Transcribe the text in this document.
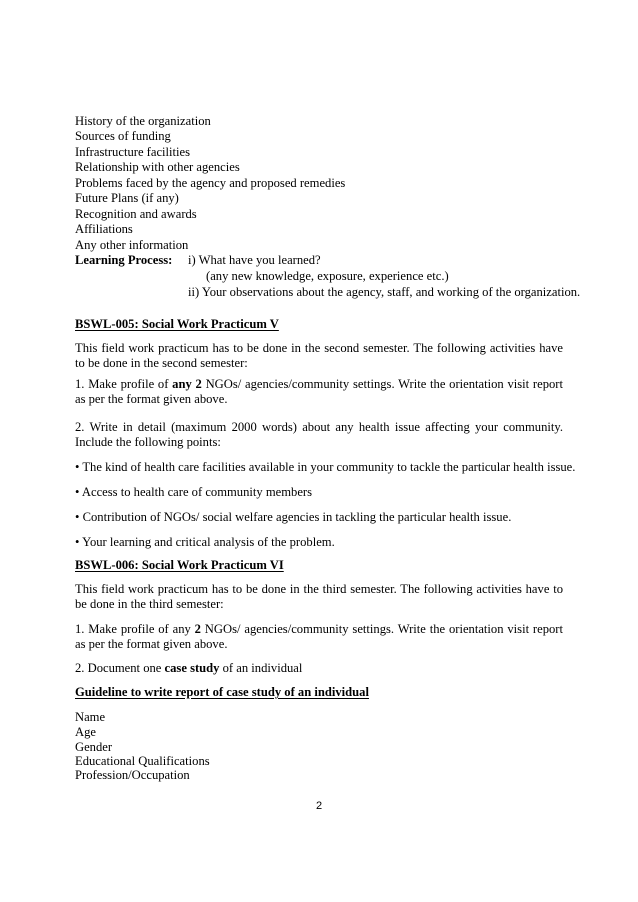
History of the organization
Sources of funding
Infrastructure facilities
Relationship with other agencies
Problems faced by the agency and proposed remedies
Future Plans (if any)
Recognition and awards
Affiliations
Any other information
Learning Process: i) What have you learned?
(any new knowledge, exposure, experience etc.)
ii) Your observations about the agency, staff, and working of the organization.
BSWL-005: Social Work Practicum V
This field work practicum has to be done in the second semester. The following activities have to be done in the second semester:
1. Make profile of any 2 NGOs/ agencies/community settings. Write the orientation visit report as per the format given above.
2. Write in detail (maximum 2000 words) about any health issue affecting your community. Include the following points:
• The kind of health care facilities available in your community to tackle the particular health issue.
• Access to health care of community members
• Contribution of NGOs/ social welfare agencies in tackling the particular health issue.
• Your learning and critical analysis of the problem.
BSWL-006: Social Work Practicum VI
This field work practicum has to be done in the third semester. The following activities have to be done in the third semester:
1. Make profile of any 2 NGOs/ agencies/community settings. Write the orientation visit report as per the format given above.
2. Document one case study of an individual
Guideline to write report of case study of an individual
Name
Age
Gender
Educational Qualifications
Profession/Occupation
2
